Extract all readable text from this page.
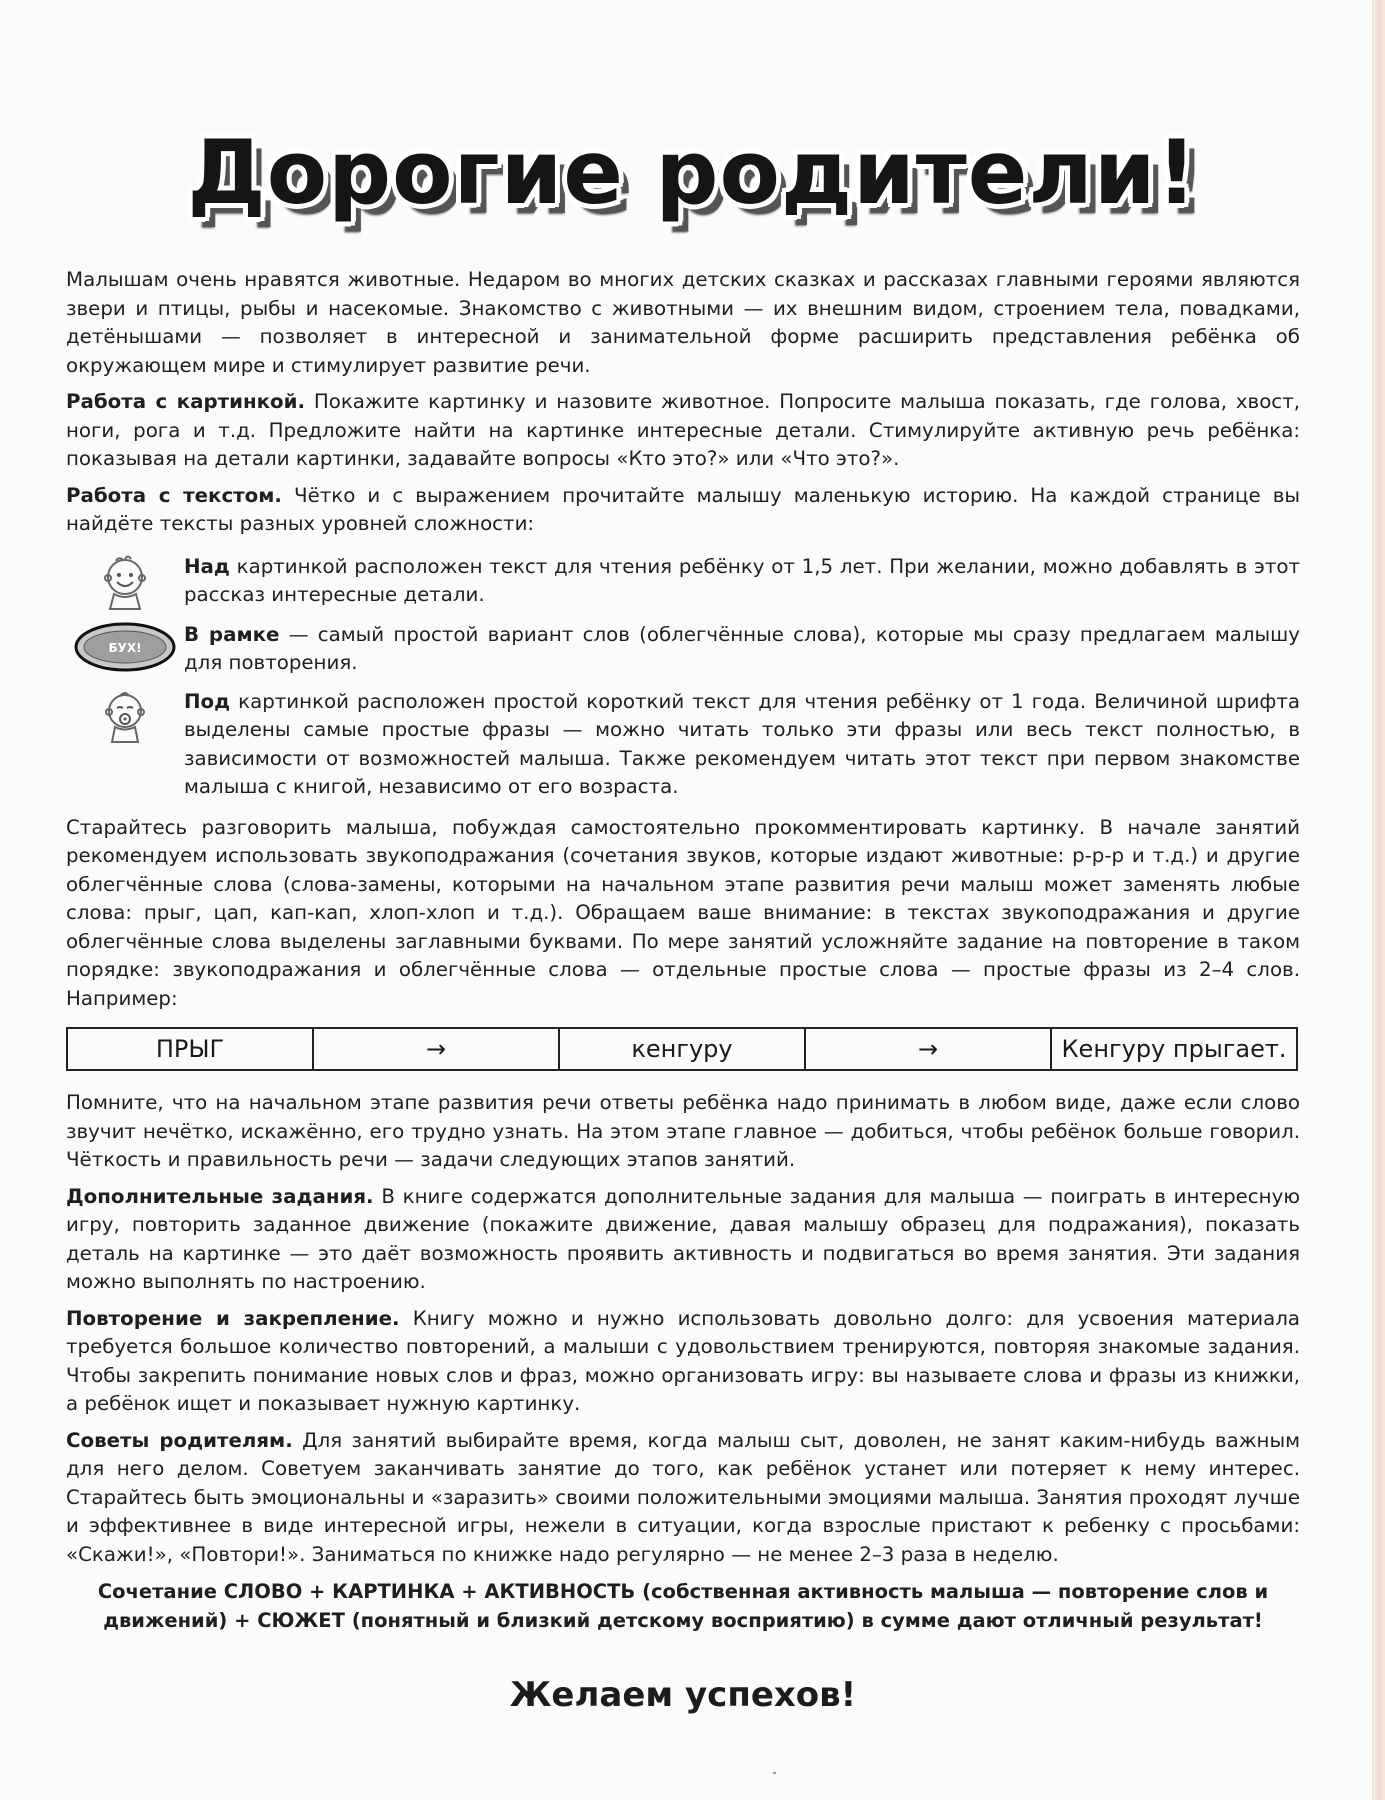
Дорогие родители!

Малышам очень нравятся животные. Недаром во многих детских сказках и рассказах главными героями являются звери и птицы, рыбы и насекомые. Знакомство с животными — их внешним видом, строением тела, повадками, детёнышами — позволяет в интересной и занимательной форме расширить представления ребёнка об окружающем мире и стимулирует развитие речи.

Работа с картинкой. Покажите картинку и назовите животное. Попросите малыша показать, где голова, хвост, ноги, рога и т.д. Предложите найти на картинке интересные детали. Стимулируйте активную речь ребёнка: показывая на детали картинки, задавайте вопросы «Кто это?» или «Что это?».

Работа с текстом. Чётко и с выражением прочитайте малышу маленькую историю. На каждой странице вы найдёте тексты разных уровней сложности:

Над картинкой расположен текст для чтения ребёнку от 1,5 лет. При желании, можно добавлять в этот рассказ интересные детали.

БУХ!

В рамке — самый простой вариант слов (облегчённые слова), которые мы сразу предлагаем малышу для повторения.

Под картинкой расположен простой короткий текст для чтения ребёнку от 1 года. Величиной шрифта выделены самые простые фразы — можно читать только эти фразы или весь текст полностью, в зависимости от возможностей малыша. Также рекомендуем читать этот текст при первом знакомстве малыша с книгой, независимо от его возраста.

Старайтесь разговорить малыша, побуждая самостоятельно прокомментировать картинку. В начале занятий рекомендуем использовать звукоподражания (сочетания звуков, которые издают животные: р-р-р и т.д.) и другие облегчённые слова (слова-замены, которыми на начальном этапе развития речи малыш может заменять любые слова: прыг, цап, кап-кап, хлоп-хлоп и т.д.). Обращаем ваше внимание: в текстах звукоподражания и другие облегчённые слова выделены заглавными буквами. По мере занятий усложняйте задание на повторение в таком порядке: звукоподражания и облегчённые слова — отдельные простые слова — простые фразы из 2–4 слов. Например:

ПРЫГ	→	кенгуру	→	Кенгуру прыгает.

Помните, что на начальном этапе развития речи ответы ребёнка надо принимать в любом виде, даже если слово звучит нечётко, искажённо, его трудно узнать. На этом этапе главное — добиться, чтобы ребёнок больше говорил. Чёткость и правильность речи — задачи следующих этапов занятий.

Дополнительные задания. В книге содержатся дополнительные задания для малыша — поиграть в интересную игру, повторить заданное движение (покажите движение, давая малышу образец для подражания), показать деталь на картинке — это даёт возможность проявить активность и подвигаться во время занятия. Эти задания можно выполнять по настроению.

Повторение и закрепление. Книгу можно и нужно использовать довольно долго: для усвоения материала требуется большое количество повторений, а малыши с удовольствием тренируются, повторяя знакомые задания. Чтобы закрепить понимание новых слов и фраз, можно организовать игру: вы называете слова и фразы из книжки, а ребёнок ищет и показывает нужную картинку.

Советы родителям. Для занятий выбирайте время, когда малыш сыт, доволен, не занят каким-нибудь важным для него делом. Советуем заканчивать занятие до того, как ребёнок устанет или потеряет к нему интерес. Старайтесь быть эмоциональны и «заразить» своими положительными эмоциями малыша. Занятия проходят лучше и эффективнее в виде интересной игры, нежели в ситуации, когда взрослые пристают к ребенку с просьбами: «Скажи!», «Повтори!». Заниматься по книжке надо регулярно — не менее 2–3 раза в неделю.

Сочетание СЛОВО + КАРТИНКА + АКТИВНОСТЬ (собственная активность малыша — повторение слов и движений) + СЮЖЕТ (понятный и близкий детскому восприятию) в сумме дают отличный результат!

Желаем успехов!
